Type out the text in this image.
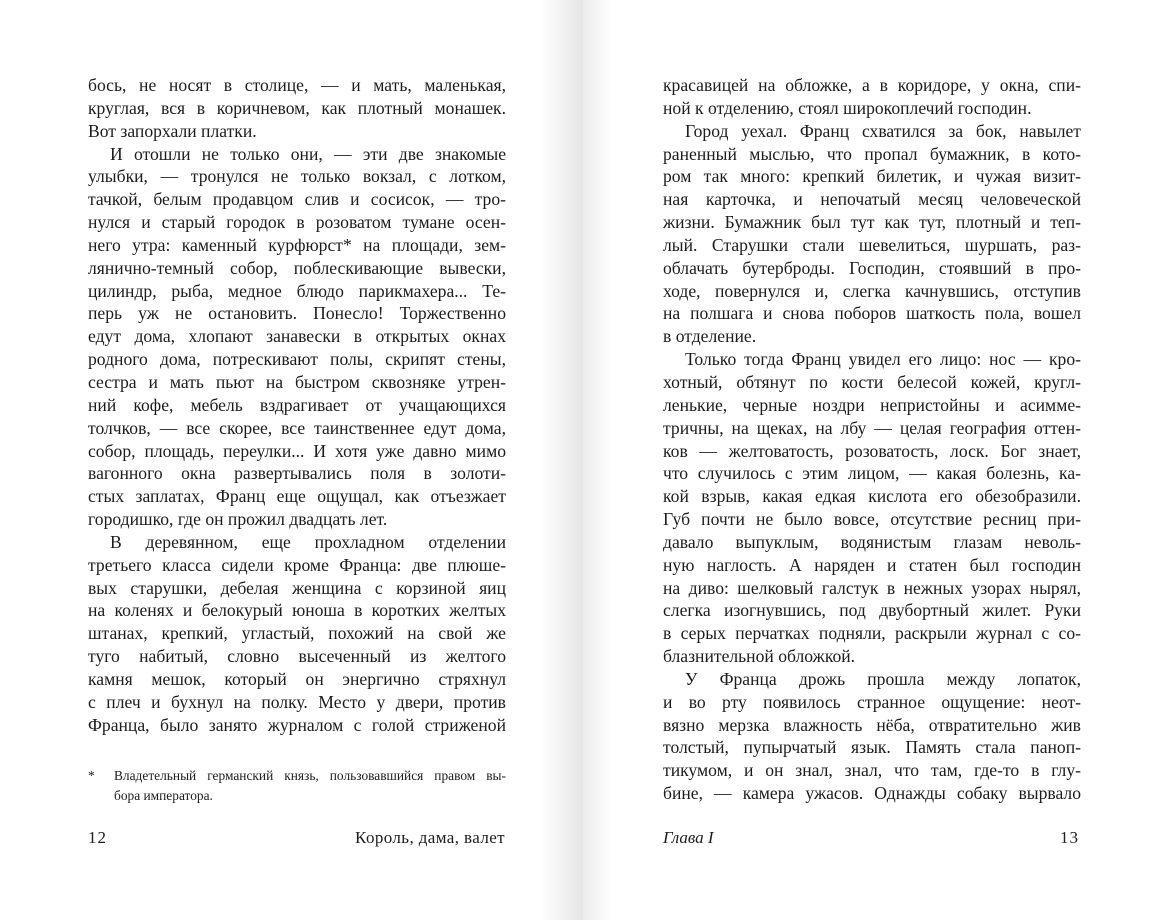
бось, не носят в столице, — и мать, маленькая,
круглая, вся в коричневом, как плотный монашек.
Вот запорхали платки.
И отошли не только они, — эти две знакомые
улыбки, — тронулся не только вокзал, с лотком,
тачкой, белым продавцом слив и сосисок, — тро-
нулся и старый городок в розоватом тумане осен-
него утра: каменный курфюрст* на площади, зем-
лянично-темный собор, поблескивающие вывески,
цилиндр, рыба, медное блюдо парикмахера... Те-
перь уж не остановить. Понесло! Торжественно
едут дома, хлопают занавески в открытых окнах
родного дома, потрескивают полы, скрипят стены,
сестра и мать пьют на быстром сквозняке утрен-
ний кофе, мебель вздрагивает от учащающихся
толчков, — все скорее, все таинственнее едут дома,
собор, площадь, переулки... И хотя уже давно мимо
вагонного окна развертывались поля в золоти-
стых заплатах, Франц еще ощущал, как отъезжает
городишко, где он прожил двадцать лет.
В деревянном, еще прохладном отделении
третьего класса сидели кроме Франца: две плюше-
вых старушки, дебелая женщина с корзиной яиц
на коленях и белокурый юноша в коротких желтых
штанах, крепкий, угластый, похожий на свой же
туго набитый, словно высеченный из желтого
камня мешок, который он энергично стряхнул
с плеч и бухнул на полку. Место у двери, против
Франца, было занято журналом с голой стриженой
* Владетельный германский князь, пользовавшийся правом вы-
бора императора.
12	Король, дама, валет
красавицей на обложке, а в коридоре, у окна, спи-
ной к отделению, стоял широкоплечий господин.
Город уехал. Франц схватился за бок, навылет
раненный мыслью, что пропал бумажник, в кото-
ром так много: крепкий билетик, и чужая визит-
ная карточка, и непочатый месяц человеческой
жизни. Бумажник был тут как тут, плотный и теп-
лый. Старушки стали шевелиться, шуршать, раз-
облачать бутерброды. Господин, стоявший в про-
ходе, повернулся и, слегка качнувшись, отступив
на полшага и снова поборов шаткость пола, вошел
в отделение.
Только тогда Франц увидел его лицо: нос — кро-
хотный, обтянут по кости белесой кожей, кругл-
ленькие, черные ноздри непристойны и асимме-
тричны, на щеках, на лбу — целая география оттен-
ков — желтоватость, розоватость, лоск. Бог знает,
что случилось с этим лицом, — какая болезнь, ка-
кой взрыв, какая едкая кислота его обезобразили.
Губ почти не было вовсе, отсутствие ресниц при-
давало выпуклым, водянистым глазам неволь-
ную наглость. А наряден и статен был господин
на диво: шелковый галстук в нежных узорах нырял,
слегка изогнувшись, под двубортный жилет. Руки
в серых перчатках подняли, раскрыли журнал с со-
блазнительной обложкой.
У Франца дрожь прошла между лопаток,
и во рту появилось странное ощущение: неот-
вязно мерзка влажность нёба, отвратительно жив
толстый, пупырчатый язык. Память стала паноп-
тикумом, и он знал, знал, что там, где-то в глу-
бине, — камера ужасов. Однажды собаку вырвало
Глава I	13
